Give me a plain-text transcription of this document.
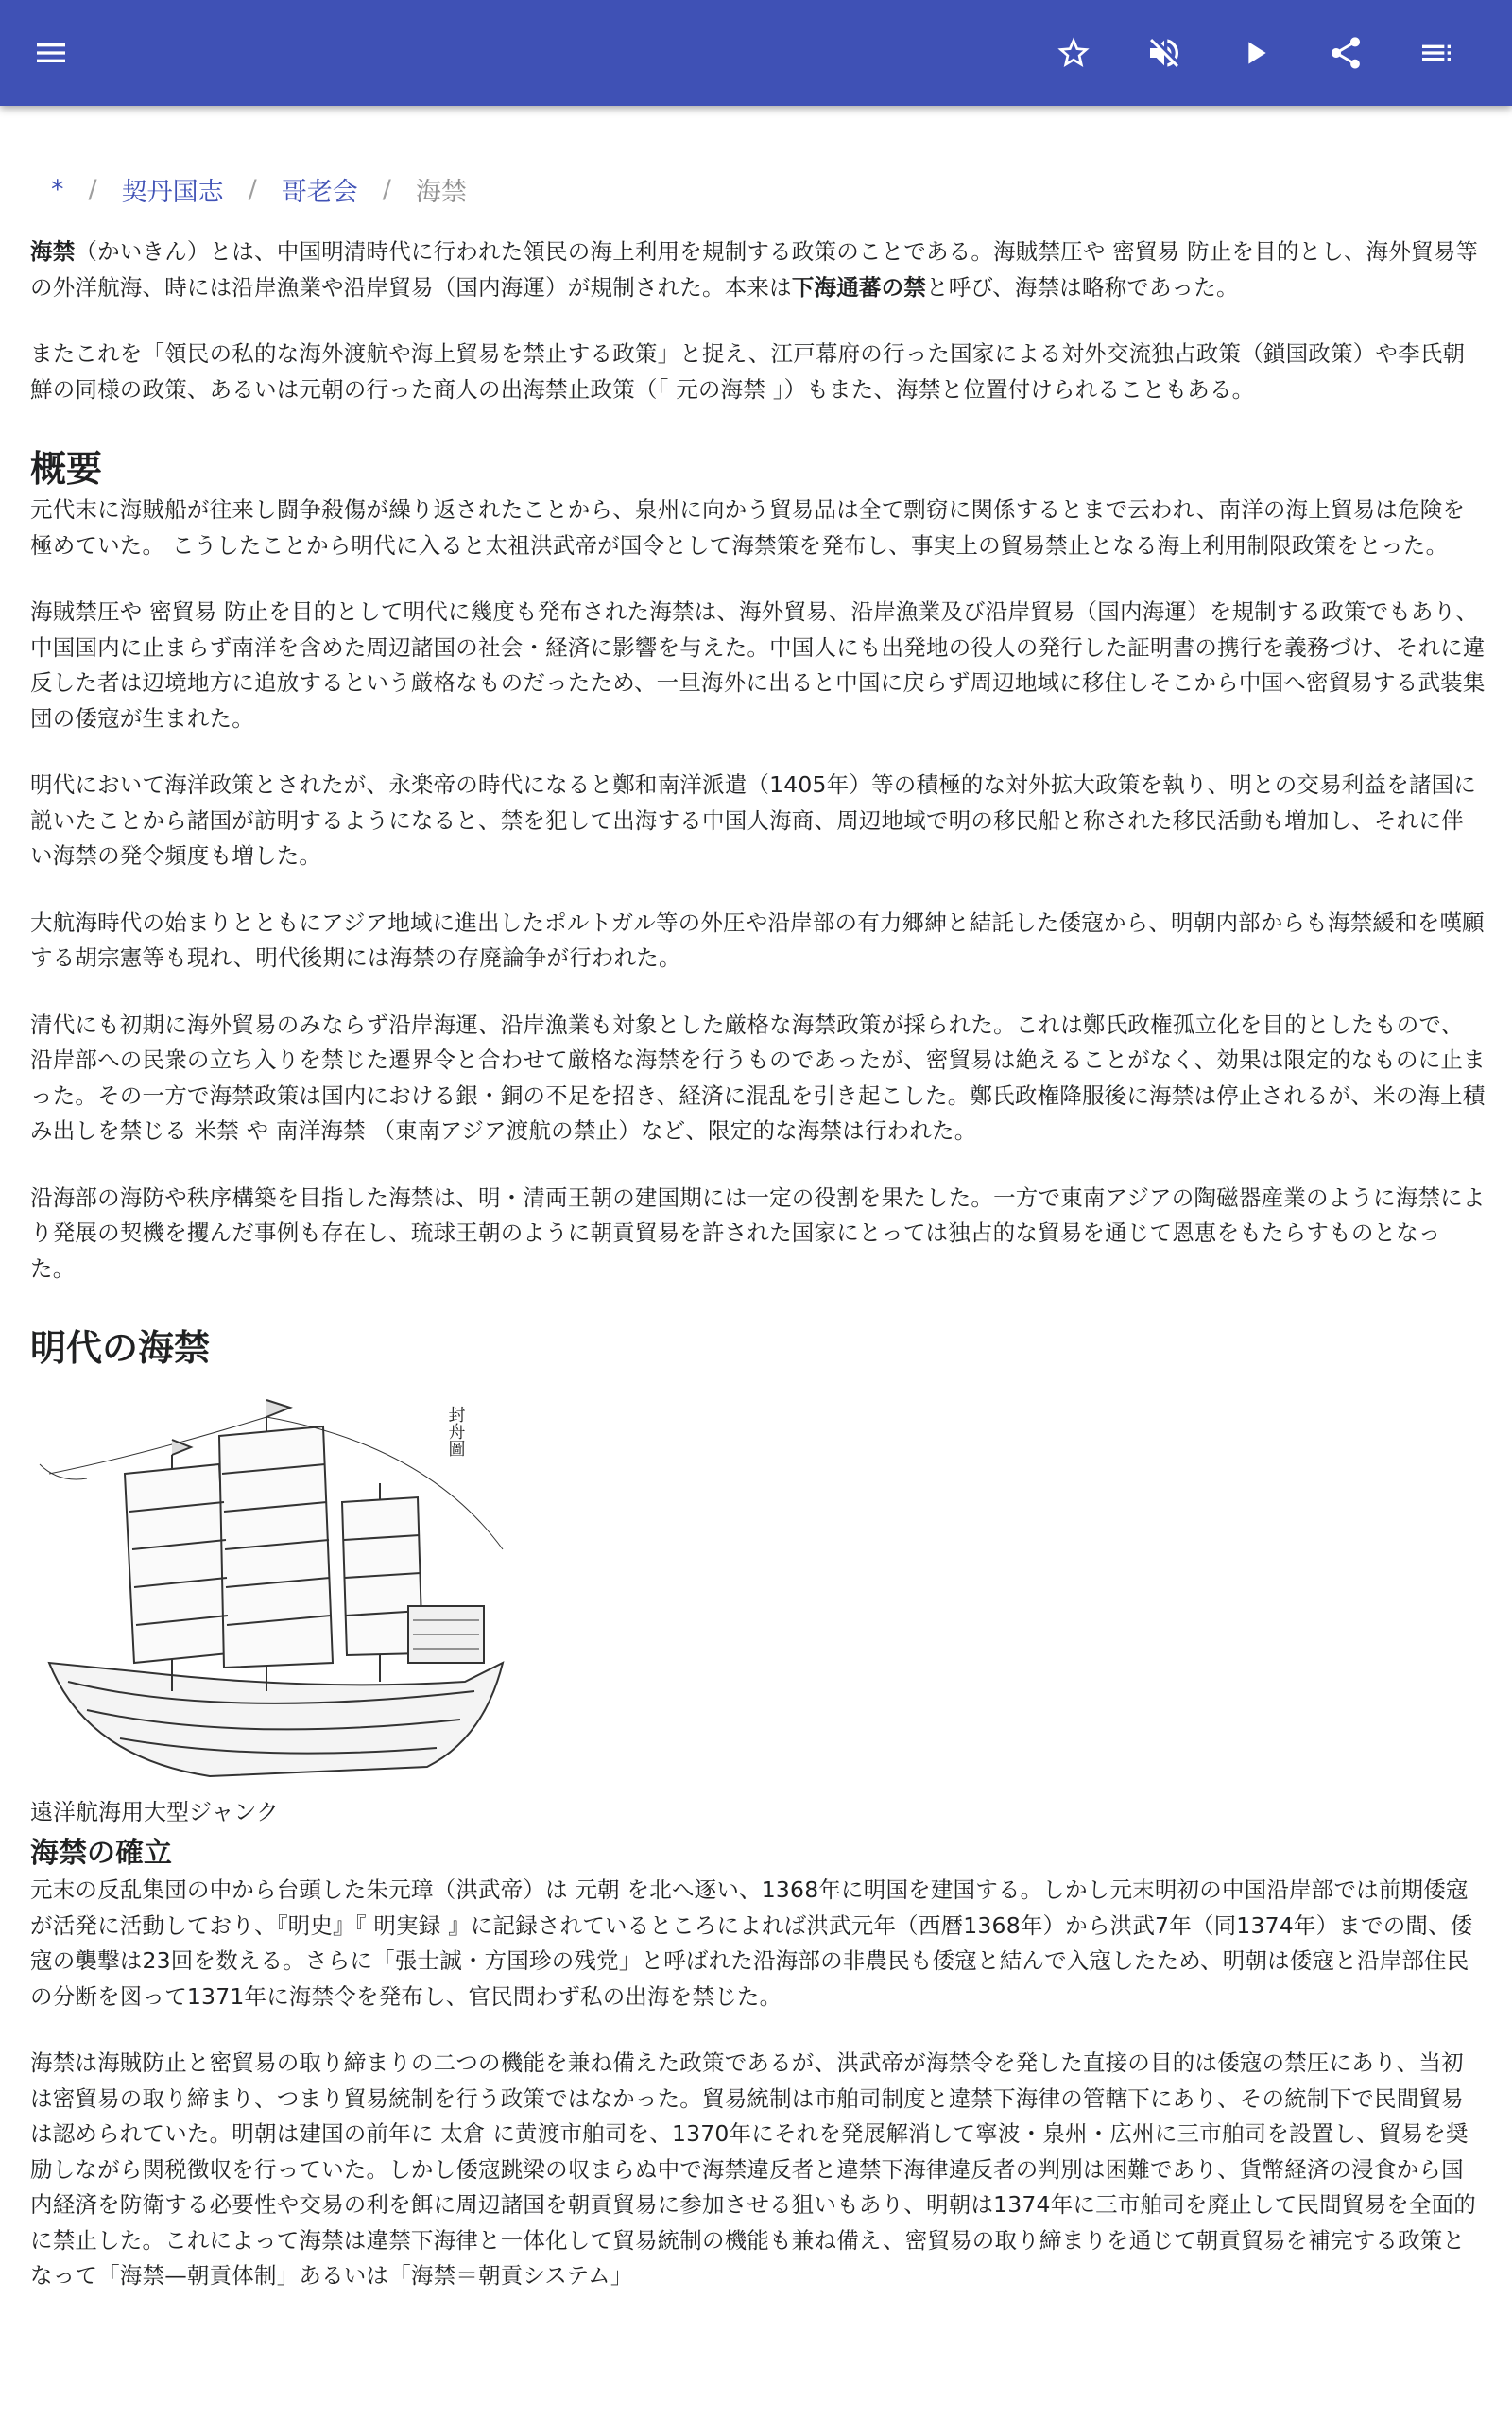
* / 契丹国志 / 哥老会 / 海禁

海禁（かいきん）とは、中国明清時代に行われた領民の海上利用を規制する政策のことである。海賊禁圧や 密貿易 防止を目的とし、海外貿易等の外洋航海、時には沿岸漁業や沿岸貿易（国内海運）が規制された。本来は下海通蕃の禁と呼び、海禁は略称であった。

またこれを「領民の私的な海外渡航や海上貿易を禁止する政策」と捉え、江戸幕府の行った国家による対外交流独占政策（鎖国政策）や李氏朝鮮の同様の政策、あるいは元朝の行った商人の出海禁止政策（「 元の海禁 」）もまた、海禁と位置付けられることもある。

概要

元代末に海賊船が往来し闘争殺傷が繰り返されたことから、泉州に向かう貿易品は全て剽窃に関係するとまで云われ、南洋の海上貿易は危険を極めていた。 こうしたことから明代に入ると太祖洪武帝が国令として海禁策を発布し、事実上の貿易禁止となる海上利用制限政策をとった。

海賊禁圧や 密貿易 防止を目的として明代に幾度も発布された海禁は、海外貿易、沿岸漁業及び沿岸貿易（国内海運）を規制する政策でもあり、中国国内に止まらず南洋を含めた周辺諸国の社会・経済に影響を与えた。中国人にも出発地の役人の発行した証明書の携行を義務づけ、それに違反した者は辺境地方に追放するという厳格なものだったため、一旦海外に出ると中国に戻らず周辺地域に移住しそこから中国へ密貿易する武装集団の倭寇が生まれた。

明代において海洋政策とされたが、永楽帝の時代になると鄭和南洋派遣（1405年）等の積極的な対外拡大政策を執り、明との交易利益を諸国に説いたことから諸国が訪明するようになると、禁を犯して出海する中国人海商、周辺地域で明の移民船と称された移民活動も増加し、それに伴い海禁の発令頻度も増した。

大航海時代の始まりとともにアジア地域に進出したポルトガル等の外圧や沿岸部の有力郷紳と結託した倭寇から、明朝内部からも海禁緩和を嘆願する胡宗憲等も現れ、明代後期には海禁の存廃論争が行われた。

清代にも初期に海外貿易のみならず沿岸海運、沿岸漁業も対象とした厳格な海禁政策が採られた。これは鄭氏政権孤立化を目的としたもので、沿岸部への民衆の立ち入りを禁じた遷界令と合わせて厳格な海禁を行うものであったが、密貿易は絶えることがなく、効果は限定的なものに止まった。その一方で海禁政策は国内における銀・銅の不足を招き、経済に混乱を引き起こした。鄭氏政権降服後に海禁は停止されるが、米の海上積み出しを禁じる 米禁 や 南洋海禁 （東南アジア渡航の禁止）など、限定的な海禁は行われた。

沿海部の海防や秩序構築を目指した海禁は、明・清両王朝の建国期には一定の役割を果たした。一方で東南アジアの陶磁器産業のように海禁により発展の契機を攫んだ事例も存在し、琉球王朝のように朝貢貿易を許された国家にとっては独占的な貿易を通じて恩恵をもたらすものとなった。

明代の海禁
封舟圖
遠洋航海用大型ジャンク
海禁の確立

元末の反乱集団の中から台頭した朱元璋（洪武帝）は 元朝 を北へ逐い、1368年に明国を建国する。しかし元末明初の中国沿岸部では前期倭寇が活発に活動しており、『明史』『 明実録 』に記録されているところによれば洪武元年（西暦1368年）から洪武7年（同1374年）までの間、倭寇の襲撃は23回を数える。さらに「張士誠・方国珍の残党」と呼ばれた沿海部の非農民も倭寇と結んで入寇したため、明朝は倭寇と沿岸部住民の分断を図って1371年に海禁令を発布し、官民問わず私の出海を禁じた。

海禁は海賊防止と密貿易の取り締まりの二つの機能を兼ね備えた政策であるが、洪武帝が海禁令を発した直接の目的は倭寇の禁圧にあり、当初は密貿易の取り締まり、つまり貿易統制を行う政策ではなかった。貿易統制は市舶司制度と違禁下海律の管轄下にあり、その統制下で民間貿易は認められていた。明朝は建国の前年に 太倉 に黄渡市舶司を、1370年にそれを発展解消して寧波・泉州・広州に三市舶司を設置し、貿易を奨励しながら関税徴収を行っていた。しかし倭寇跳梁の収まらぬ中で海禁違反者と違禁下海律違反者の判別は困難であり、貨幣経済の浸食から国内経済を防衛する必要性や交易の利を餌に周辺諸国を朝貢貿易に参加させる狙いもあり、明朝は1374年に三市舶司を廃止して民間貿易を全面的に禁止した。これによって海禁は違禁下海律と一体化して貿易統制の機能も兼ね備え、密貿易の取り締まりを通じて朝貢貿易を補完する政策となって「海禁—朝貢体制」あるいは「海禁＝朝貢システム」
